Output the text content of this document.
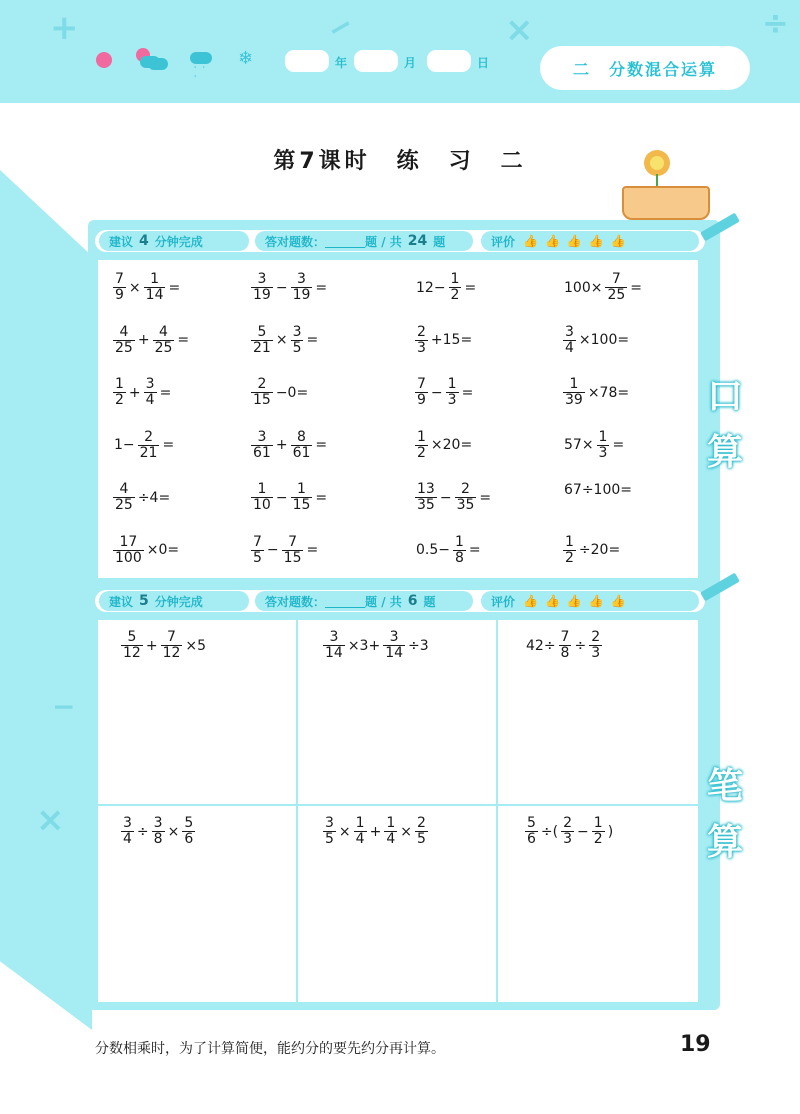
+	−	×	÷
' ' '
❄	年	月	日	二　分数混合运算
−
×
第7课时　练　习　二
建议 4 分钟完成	答对题数：	题 / 共 24 题	评价 👍👍👍👍👍
$\frac{7}{9} \times \frac{1}{14}$ =	$\frac{3}{19} - \frac{3}{19}$ =	$12- \frac{1}{2}$ =	$100\times \frac{7}{25}$ =
$\frac{4}{25} + \frac{4}{25}$ =	$\frac{5}{21} \times \frac{3}{5}$ =	$\frac{2}{3} +15=$	$\frac{3}{4} \times 100=$
$\frac{1}{2} + \frac{3}{4}$ =	$\frac{2}{15} -0=$	$\frac{7}{9} - \frac{1}{3}$ =	$\frac{1}{39} \times 78=$
$1- \frac{2}{21}$ =	$\frac{3}{61} + \frac{8}{61}$ =	$\frac{1}{2} \times 20=$	$57\times \frac{1}{3}$ =
$\frac{4}{25} \div 4=$	$\frac{1}{10} - \frac{1}{15}$ =	$\frac{13}{35} - \frac{2}{35}$ =	67÷100=
$\frac{17}{100} \times 0=$	$\frac{7}{5} - \frac{7}{15}$ =	$0.5- \frac{1}{8}$ =	$\frac{1}{2} \div 20=$
口
算
建议 5 分钟完成	答对题数：	题 / 共 6 题	评价 👍👍👍👍👍
$\frac{5}{12} + \frac{7}{12} \times 5$	$\frac{3}{14} \times 3+ \frac{3}{14} \div 3$	$42\div \frac{7}{8} \div \frac{2}{3}$
$\frac{3}{4} \div \frac{3}{8} \times \frac{5}{6}$	$\frac{3}{5} \times \frac{1}{4} + \frac{1}{4} \times \frac{2}{5}$	$\frac{5}{6}$ ÷( $\frac{2}{3} - \frac{1}{2}$ )
笔
算
分数相乘时，为了计算简便，能约分的要先约分再计算。	19
